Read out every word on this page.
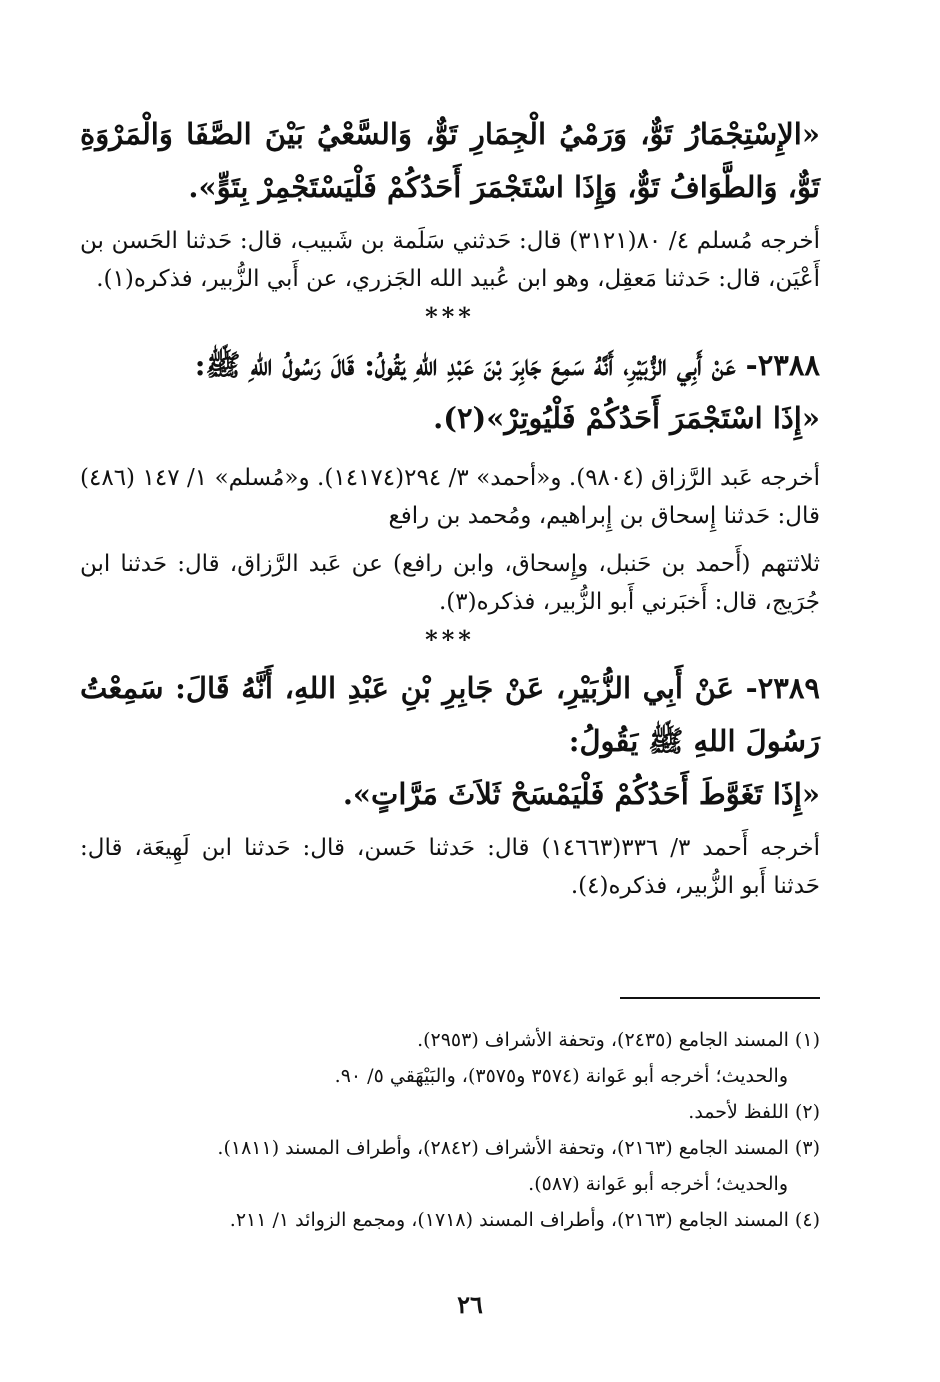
«الإِسْتِجْمَارُ تَوٌّ، وَرَمْيُ الْجِمَارِ تَوٌّ، وَالسَّعْيُ بَيْنَ الصَّفَا وَالْمَرْوَةِ تَوٌّ، وَالطَّوَافُ تَوٌّ، وَإِذَا اسْتَجْمَرَ أَحَدُكُمْ فَلْيَسْتَجْمِرْ بِتَوٍّ».

أخرجه مُسلم ٤/ ٨٠(٣١٢١) قال: حَدثني سَلَمة بن شَبيب، قال: حَدثنا الحَسن بن أَعْيَن، قال: حَدثنا مَعقِل، وهو ابن عُبيد الله الجَزري، عن أَبي الزُّبير، فذكره(١).

***

٢٣٨٨- عَنْ أَبِي الزُّبَيْرِ، أَنَّهُ سَمِعَ جَابِرَ بْنَ عَبْدِ اللهِ يَقُولُ: قَالَ رَسُولُ اللهِ ﷺ:

«إِذَا اسْتَجْمَرَ أَحَدُكُمْ فَلْيُوتِرْ»(٢).

أخرجه عَبد الرَّزاق (٩٨٠٤). و«أحمد» ٣/ ٢٩٤(١٤١٧٤). و«مُسلم» ١/ ١٤٧ (٤٨٦) قال: حَدثنا إِسحاق بن إِبراهيم، ومُحمد بن رافع

ثلاثتهم (أَحمد بن حَنبل، وإِسحاق، وابن رافع) عن عَبد الرَّزاق، قال: حَدثنا ابن جُرَيج، قال: أَخبَرني أَبو الزُّبير، فذكره(٣).

***

٢٣٨٩- عَنْ أَبِي الزُّبَيْرِ، عَنْ جَابِرِ بْنِ عَبْدِ اللهِ، أَنَّهُ قَالَ: سَمِعْتُ رَسُولَ اللهِ ﷺ يَقُولُ:

«إِذَا تَغَوَّطَ أَحَدُكُمْ فَلْيَمْسَحْ ثَلاَثَ مَرَّاتٍ».

أخرجه أَحمد ٣/ ٣٣٦(١٤٦٦٣) قال: حَدثنا حَسن، قال: حَدثنا ابن لَهِيعَة، قال: حَدثنا أَبو الزُّبير، فذكره(٤).

(١) المسند الجامع (٢٤٣٥)، وتحفة الأشراف (٢٩٥٣).

والحديث؛ أخرجه أبو عَوانة (٣٥٧٤ و٣٥٧٥)، والبَيْهَقي ٥/ ٩٠.

(٢) اللفظ لأحمد.

(٣) المسند الجامع (٢١٦٣)، وتحفة الأشراف (٢٨٤٢)، وأطراف المسند (١٨١١).

والحديث؛ أخرجه أبو عَوانة (٥٨٧).

(٤) المسند الجامع (٢١٦٣)، وأطراف المسند (١٧١٨)، ومجمع الزوائد ١/ ٢١١.

٢٦
